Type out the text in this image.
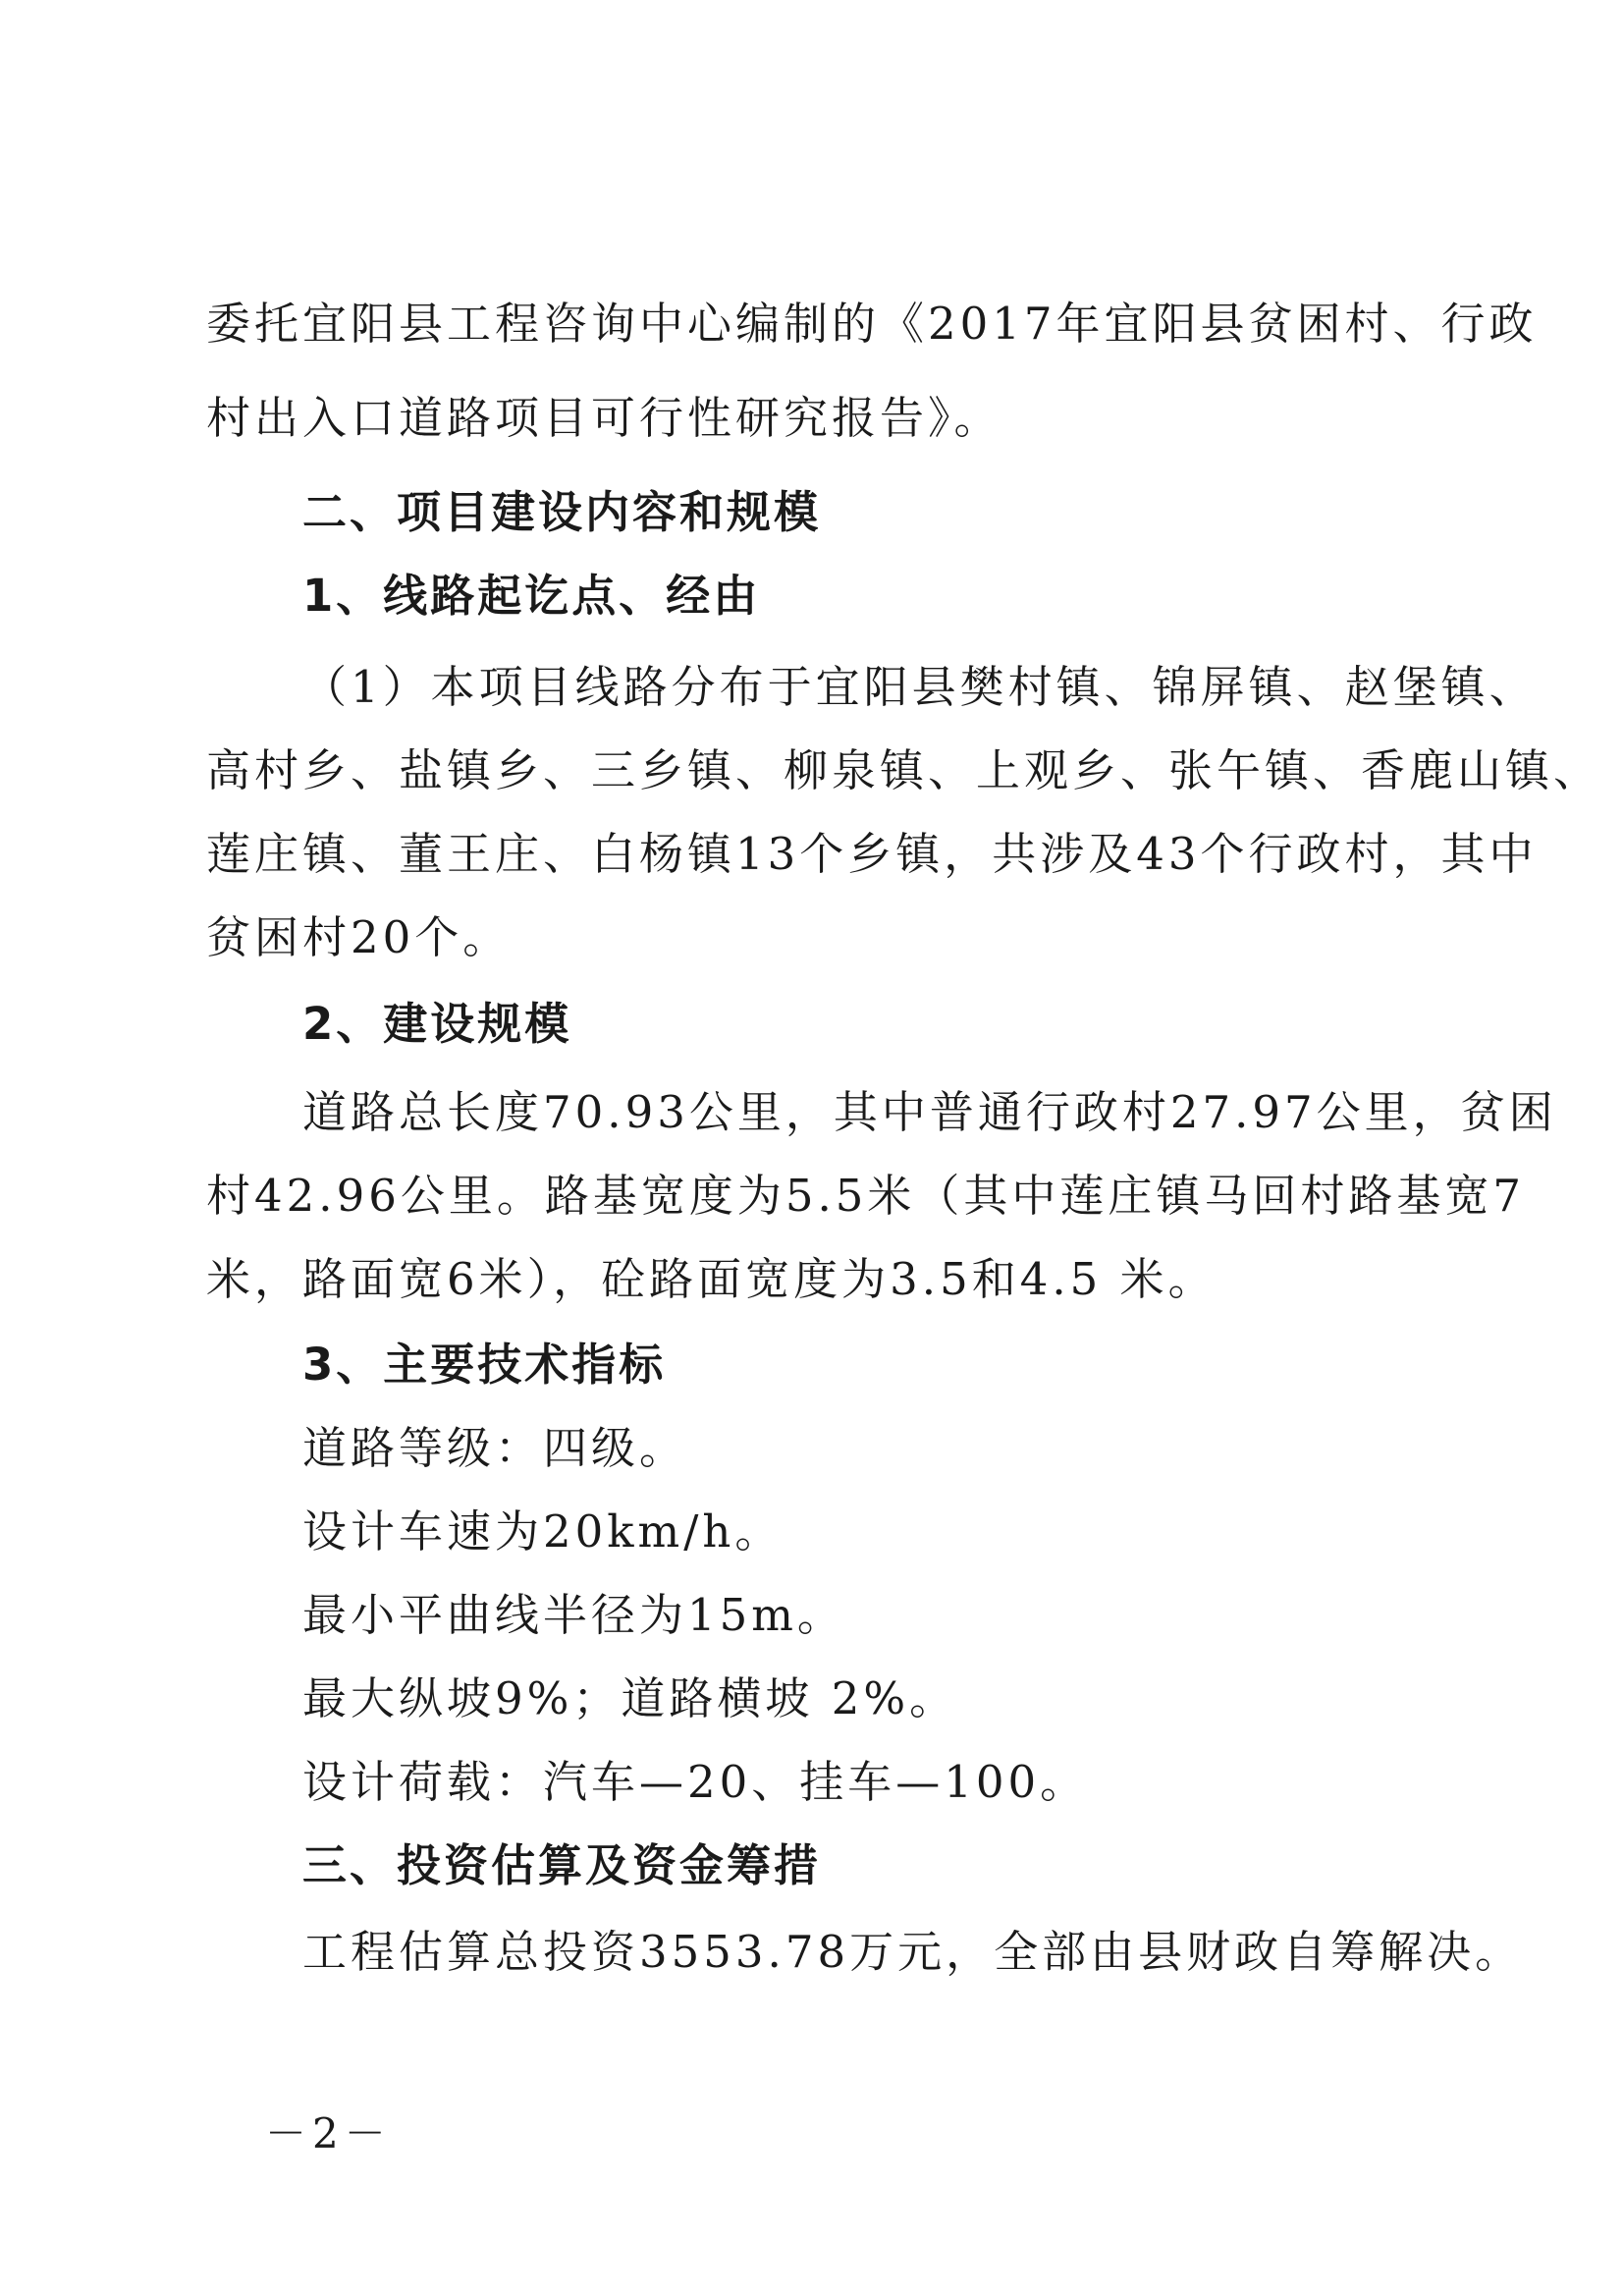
委托宜阳县工程咨询中心编制的《2017年宜阳县贫困村、行政
村出入口道路项目可行性研究报告》。
二、项目建设内容和规模
1、线路起讫点、经由
（1）本项目线路分布于宜阳县樊村镇、锦屏镇、赵堡镇、
高村乡、盐镇乡、三乡镇、柳泉镇、上观乡、张午镇、香鹿山镇、
莲庄镇、董王庄、白杨镇13个乡镇，共涉及43个行政村，其中
贫困村20个。
2、建设规模
道路总长度70.93公里，其中普通行政村27.97公里，贫困
村42.96公里。路基宽度为5.5米（其中莲庄镇马回村路基宽7
米，路面宽6米），砼路面宽度为3.5和4.5 米。
3、主要技术指标
道路等级：四级。
设计车速为20km/h。
最小平曲线半径为15m。
最大纵坡9%；道路横坡 2%。
设计荷载：汽车—20、挂车—100。
三、投资估算及资金筹措
工程估算总投资3553.78万元，全部由县财政自筹解决。
－2－
